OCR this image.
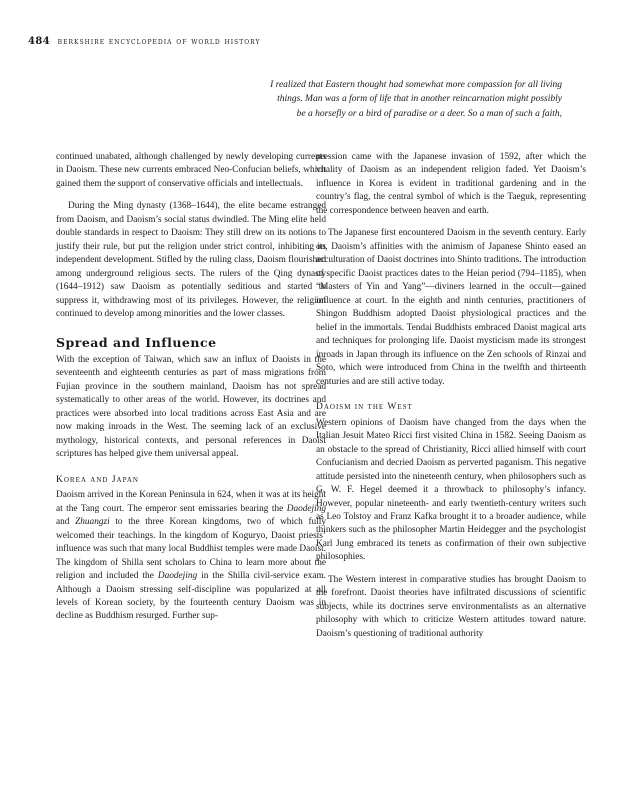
484 berkshire encyclopedia of world history

I realized that Eastern thought had somewhat more compassion for all living

things. Man was a form of life that in another reincarnation might possibly

be a horsefly or a bird of paradise or a deer. So a man of such a faith,

continued unabated, although challenged by newly developing currents in Daoism. These new currents embraced Neo-Confucian beliefs, which gained them the support of conservative officials and intellectuals.

During the Ming dynasty (1368–1644), the elite became estranged from Daoism, and Daoism’s social status dwindled. The Ming elite held double standards in respect to Daoism: They still drew on its notions to justify their rule, but put the religion under strict control, inhibiting its independent development. Stifled by the ruling class, Daoism flourished among underground religious sects. The rulers of the Qing dynasty (1644–1912) saw Daoism as potentially seditious and started to suppress it, withdrawing most of its privileges. However, the religion continued to develop among minorities and the lower classes.

Spread and Influence

With the exception of Taiwan, which saw an influx of Daoists in the seventeenth and eighteenth centuries as part of mass migrations from Fujian province in the southern mainland, Daoism has not spread systematically to other areas of the world. However, its doctrines and practices were absorbed into local traditions across East Asia and are now making inroads in the West. The seeming lack of an exclusive mythology, historical contexts, and personal references in Daoist scriptures has helped give them universal appeal.

Korea and Japan

Daoism arrived in the Korean Peninsula in 624, when it was at its height at the Tang court. The emperor sent emissaries bearing the Daodejing and Zhuangzi to the three Korean kingdoms, two of which fully welcomed their teachings. In the kingdom of Koguryo, Daoist priests’ influence was such that many local Buddhist temples were made Daoist. The kingdom of Shilla sent scholars to China to learn more about the religion and included the Daodejing in the Shilla civil-service exam. Although a Daoism stressing self-discipline was popularized at all levels of Korean society, by the fourteenth century Daoism was in decline as Buddhism resurged. Further sup-

pression came with the Japanese invasion of 1592, after which the vitality of Daoism as an independent religion faded. Yet Daoism’s influence in Korea is evident in traditional gardening and in the country’s flag, the central symbol of which is the Taeguk, representing the correspondence between heaven and earth.

The Japanese first encountered Daoism in the seventh century. Early on, Daoism’s affinities with the animism of Japanese Shinto eased an acculturation of Daoist doctrines into Shinto traditions. The introduction of specific Daoist practices dates to the Heian period (794–1185), when “Masters of Yin and Yang”—diviners learned in the occult—gained influence at court. In the eighth and ninth centuries, practitioners of Shingon Buddhism adopted Daoist physiological practices and the belief in the immortals. Tendai Buddhists embraced Daoist magical arts and techniques for prolonging life. Daoist mysticism made its strongest inroads in Japan through its influence on the Zen schools of Rinzai and Soto, which were introduced from China in the twelfth and thirteenth centuries and are still active today.

Daoism in the West

Western opinions of Daoism have changed from the days when the Italian Jesuit Mateo Ricci first visited China in 1582. Seeing Daoism as an obstacle to the spread of Christianity, Ricci allied himself with court Confucianism and decried Daoism as perverted paganism. This negative attitude persisted into the nineteenth century, when philosophers such as G. W. F. Hegel deemed it a throwback to philosophy’s infancy. However, popular nineteenth- and early twentieth-century writers such as Leo Tolstoy and Franz Kafka brought it to a broader audience, while thinkers such as the philosopher Martin Heidegger and the psychologist Karl Jung embraced its tenets as confirmation of their own subjective philosophies.

The Western interest in comparative studies has brought Daoism to the forefront. Daoist theories have infiltrated discussions of scientific subjects, while its doctrines serve environmentalists as an alternative philosophy with which to criticize Western attitudes toward nature. Daoism’s questioning of traditional authority
